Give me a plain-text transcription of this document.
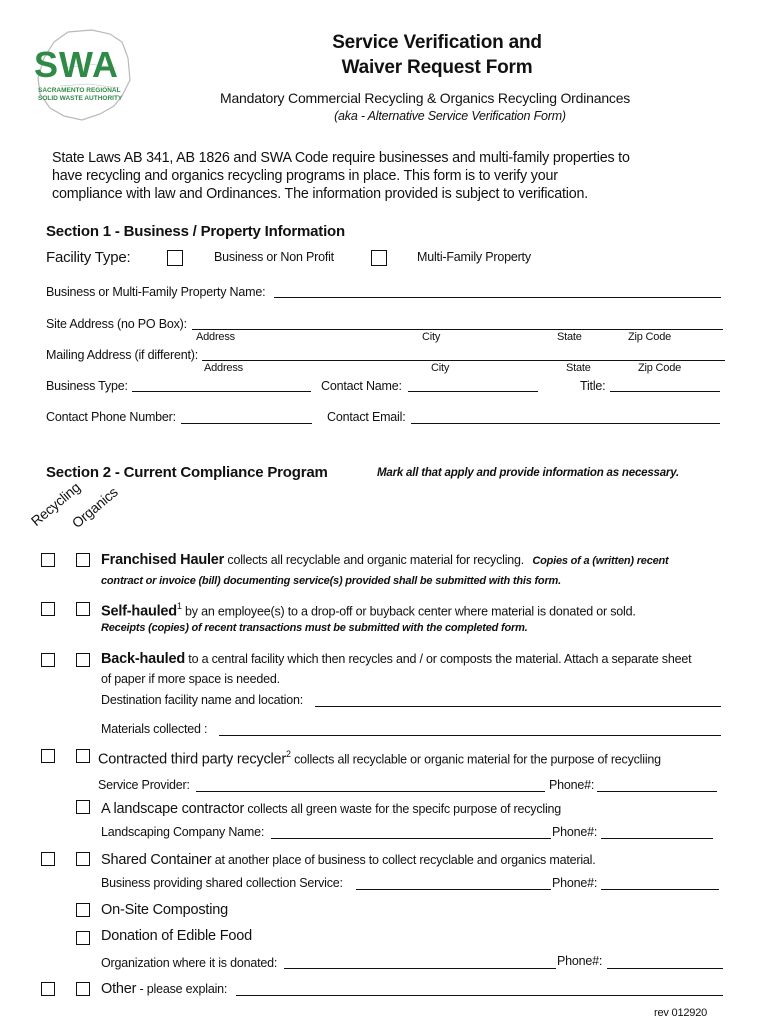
SWA
SACRAMENTO REGIONAL
SOLID WASTE AUTHORITY
Service Verification and
Waiver Request Form
Mandatory Commercial Recycling & Organics Recycling Ordinances
(aka - Alternative Service Verification Form)
State Laws AB 341, AB 1826 and SWA Code require businesses and multi-family properties to
have recycling and organics recycling programs in place. This form is to verify your
compliance with law and Ordinances. The information provided is subject to verification.
Section 1 - Business / Property Information
Facility Type:	Business or Non Profit	Multi-Family Property
Business or Multi-Family Property Name:
Site Address (no PO Box):
Address	City	State	Zip Code
Mailing Address (if different):
Address	City	State	Zip Code
Business Type:	Contact Name:	Title:
Contact Phone Number:	Contact Email:
Section 2 - Current Compliance Program	Mark all that apply and provide information as necessary.
Recycling
Organics
Franchised Hauler collects all recyclable and organic material for recycling. Copies of a (written) recent
contract or invoice (bill) documenting service(s) provided shall be submitted with this form.
Self-hauled$^1$ by an employee(s) to a drop-off or buyback center where material is donated or sold.
Receipts (copies) of recent transactions must be submitted with the completed form.
Back-hauled to a central facility which then recycles and / or composts the material. Attach a separate sheet
of paper if more space is needed.
Destination facility name and location:
Materials collected :
Contracted third party recycler$^2$ collects all recyclable or organic material for the purpose of recycliing
Service Provider:	Phone#:
A landscape contractor collects all green waste for the specifc purpose of recycling
Landscaping Company Name:	Phone#:
Shared Container at another place of business to collect recyclable and organics material.
Business providing shared collection Service:	Phone#:
On-Site Composting
Donation of Edible Food
Organization where it is donated:	Phone#:
Other - please explain:
rev 012920
